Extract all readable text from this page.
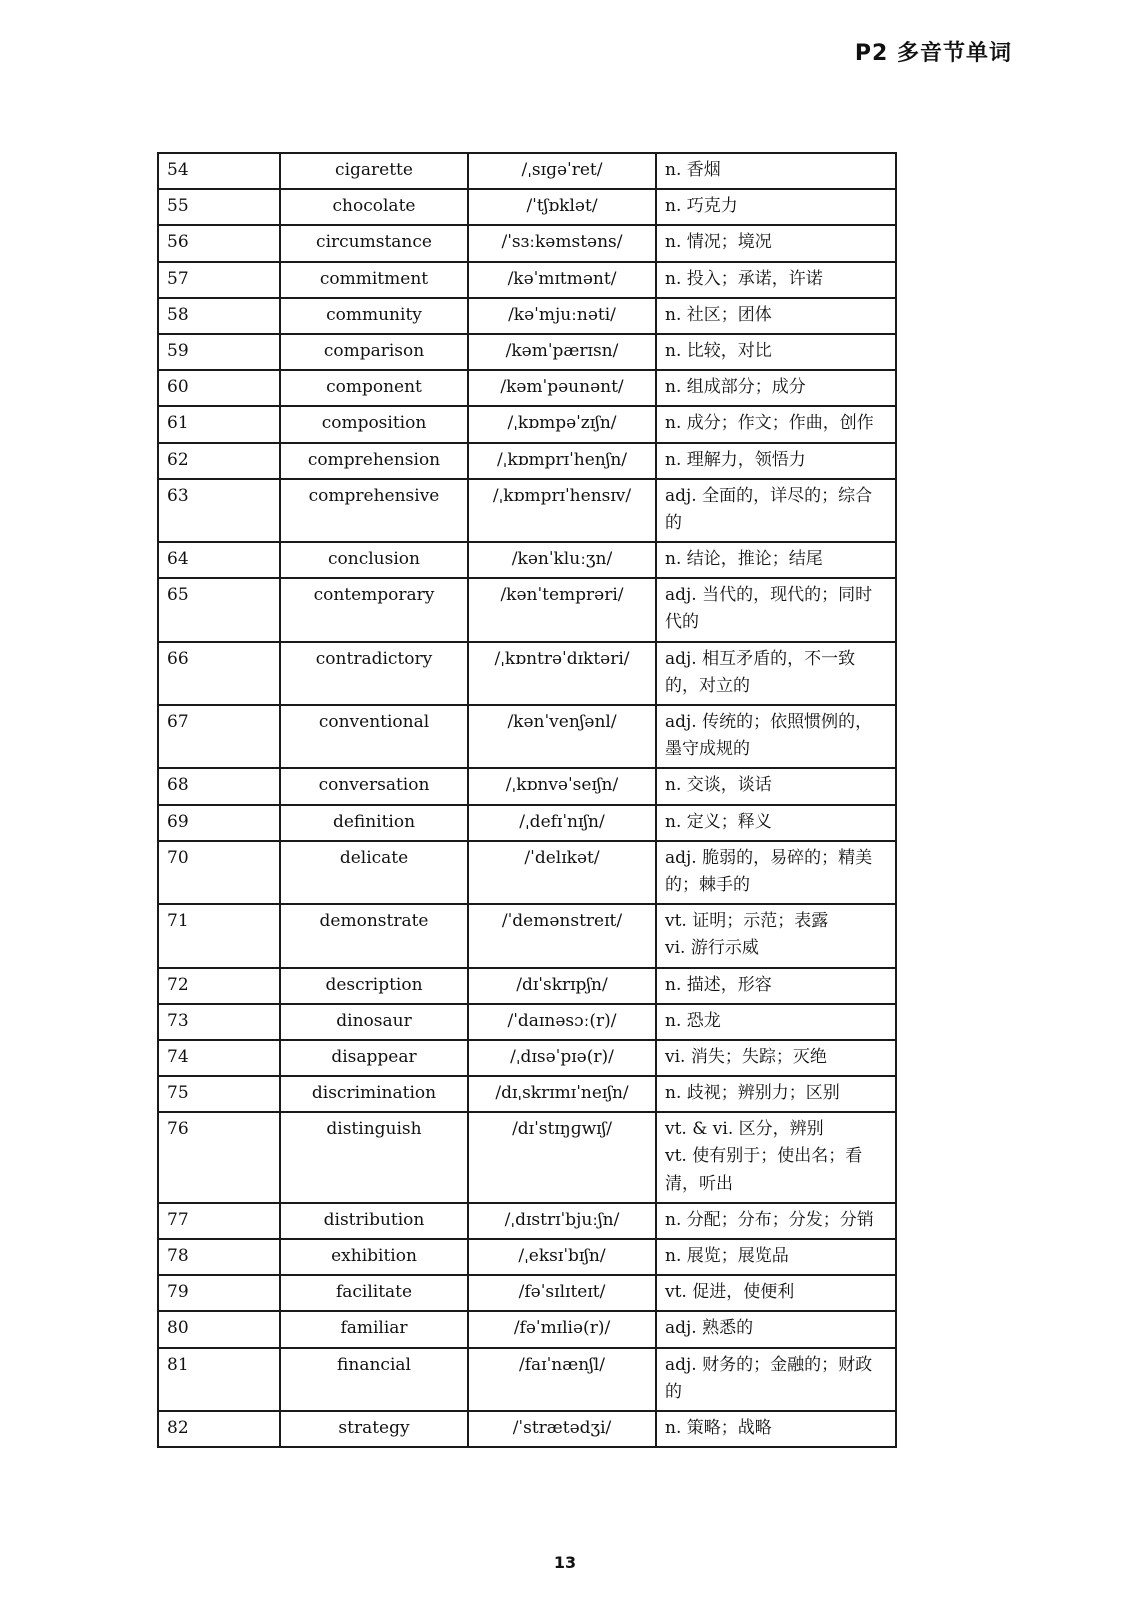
P2 多音节单词
54	cigarette	/ˌsɪɡəˈret/	n. 香烟
55	chocolate	/ˈtʃɒklət/	n. 巧克力
56	circumstance	/ˈsɜːkəmstəns/	n. 情况；境况
57	commitment	/kəˈmɪtmənt/	n. 投入；承诺，许诺
58	community	/kəˈmjuːnəti/	n. 社区；团体
59	comparison	/kəmˈpærɪsn/	n. 比较，对比
60	component	/kəmˈpəunənt/	n. 组成部分；成分
61	composition	/ˌkɒmpəˈzɪʃn/	n. 成分；作文；作曲，创作
62	comprehension	/ˌkɒmprɪˈhenʃn/	n. 理解力，领悟力
63	comprehensive	/ˌkɒmprɪˈhensɪv/	adj. 全面的，详尽的；综合的
64	conclusion	/kənˈkluːʒn/	n. 结论，推论；结尾
65	contemporary	/kənˈtemprəri/	adj. 当代的，现代的；同时代的
66	contradictory	/ˌkɒntrəˈdɪktəri/	adj. 相互矛盾的，不一致的，对立的
67	conventional	/kənˈvenʃənl/	adj. 传统的；依照惯例的，墨守成规的
68	conversation	/ˌkɒnvəˈseɪʃn/	n. 交谈，谈话
69	definition	/ˌdefɪˈnɪʃn/	n. 定义；释义
70	delicate	/ˈdelɪkət/	adj. 脆弱的，易碎的；精美的；棘手的
71	demonstrate	/ˈdemənstreɪt/	vt. 证明；示范；表露
vi. 游行示威
72	description	/dɪˈskrɪpʃn/	n. 描述，形容
73	dinosaur	/ˈdaɪnəsɔː(r)/	n. 恐龙
74	disappear	/ˌdɪsəˈpɪə(r)/	vi. 消失；失踪；灭绝
75	discrimination	/dɪˌskrɪmɪˈneɪʃn/	n. 歧视；辨别力；区别
76	distinguish	/dɪˈstɪŋɡwɪʃ/	vt. & vi. 区分，辨别
vt. 使有别于；使出名；看清，听出
77	distribution	/ˌdɪstrɪˈbjuːʃn/	n. 分配；分布；分发；分销
78	exhibition	/ˌeksɪˈbɪʃn/	n. 展览；展览品
79	facilitate	/fəˈsɪlɪteɪt/	vt. 促进，使便利
80	familiar	/fəˈmɪliə(r)/	adj. 熟悉的
81	financial	/faɪˈnænʃl/	adj. 财务的；金融的；财政的
82	strategy	/ˈstrætədʒi/	n. 策略；战略
13
